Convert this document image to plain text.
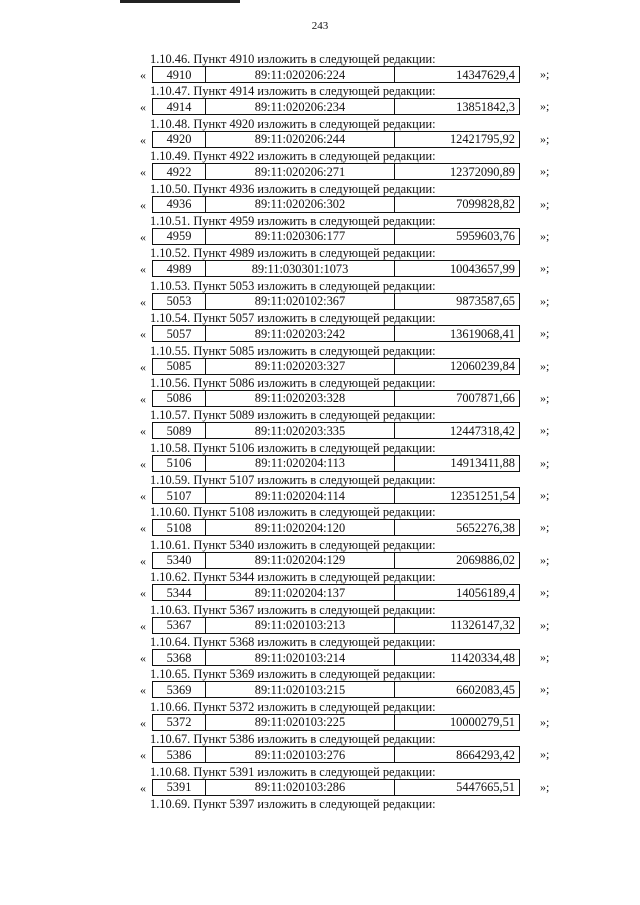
243
1.10.46. Пункт 4910 изложить в следующей редакции:
« 4910	89:11:020206:224	14347629,4 »;
1.10.47. Пункт 4914 изложить в следующей редакции:
« 4914	89:11:020206:234	13851842,3 »;
1.10.48. Пункт 4920 изложить в следующей редакции:
« 4920	89:11:020206:244	12421795,92 »;
1.10.49. Пункт 4922 изложить в следующей редакции:
« 4922	89:11:020206:271	12372090,89 »;
1.10.50. Пункт 4936 изложить в следующей редакции:
« 4936	89:11:020206:302	7099828,82 »;
1.10.51. Пункт 4959 изложить в следующей редакции:
« 4959	89:11:020306:177	5959603,76 »;
1.10.52. Пункт 4989 изложить в следующей редакции:
« 4989	89:11:030301:1073	10043657,99 »;
1.10.53. Пункт 5053 изложить в следующей редакции:
« 5053	89:11:020102:367	9873587,65 »;
1.10.54. Пункт 5057 изложить в следующей редакции:
« 5057	89:11:020203:242	13619068,41 »;
1.10.55. Пункт 5085 изложить в следующей редакции:
« 5085	89:11:020203:327	12060239,84 »;
1.10.56. Пункт 5086 изложить в следующей редакции:
« 5086	89:11:020203:328	7007871,66 »;
1.10.57. Пункт 5089 изложить в следующей редакции:
« 5089	89:11:020203:335	12447318,42 »;
1.10.58. Пункт 5106 изложить в следующей редакции:
« 5106	89:11:020204:113	14913411,88 »;
1.10.59. Пункт 5107 изложить в следующей редакции:
« 5107	89:11:020204:114	12351251,54 »;
1.10.60. Пункт 5108 изложить в следующей редакции:
« 5108	89:11:020204:120	5652276,38 »;
1.10.61. Пункт 5340 изложить в следующей редакции:
« 5340	89:11:020204:129	2069886,02 »;
1.10.62. Пункт 5344 изложить в следующей редакции:
« 5344	89:11:020204:137	14056189,4 »;
1.10.63. Пункт 5367 изложить в следующей редакции:
« 5367	89:11:020103:213	11326147,32 »;
1.10.64. Пункт 5368 изложить в следующей редакции:
« 5368	89:11:020103:214	11420334,48 »;
1.10.65. Пункт 5369 изложить в следующей редакции:
« 5369	89:11:020103:215	6602083,45 »;
1.10.66. Пункт 5372 изложить в следующей редакции:
« 5372	89:11:020103:225	10000279,51 »;
1.10.67. Пункт 5386 изложить в следующей редакции:
« 5386	89:11:020103:276	8664293,42 »;
1.10.68. Пункт 5391 изложить в следующей редакции:
« 5391	89:11:020103:286	5447665,51 »;
1.10.69. Пункт 5397 изложить в следующей редакции:
